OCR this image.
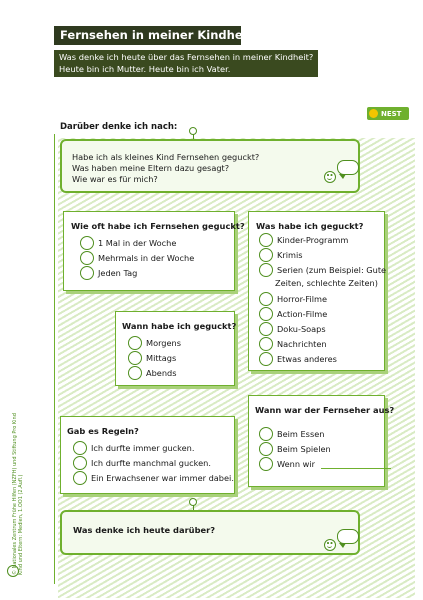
Fernsehen in meiner Kindheit
Was denke ich heute über das Fernsehen in meiner Kindheit?
Heute bin ich Mutter. Heute bin ich Vater.
NEST
Darüber denke ich nach:
Habe ich als kleines Kind Fernsehen geguckt?
Was haben meine Eltern dazu gesagt?
Wie war es für mich?
Wie oft habe ich Fernsehen geguckt?
1 Mal in der Woche
Mehrmals in der Woche
Jeden Tag
Was habe ich geguckt?
Kinder-Programm
Krimis
Serien (zum Beispiel: Gute
Zeiten, schlechte Zeiten)
Horror-Filme
Action-Filme
Doku-Soaps
Nachrichten
Etwas anderes
Wann habe ich geguckt?
Morgens
Mittags
Abends
Gab es Regeln?
Ich durfte immer gucken.
Ich durfte manchmal gucken.
Ein Erwachsener war immer dabei.
Wann war der Fernseher aus?
Beim Essen
Beim Spielen
Wenn wir
Was denke ich heute darüber?
© Nationales Zentrum Frühe Hilfen (NZFH) und Stiftung Pro Kind Kind und Eltern: Medien, 1.OO1 (2.Aufl.)
